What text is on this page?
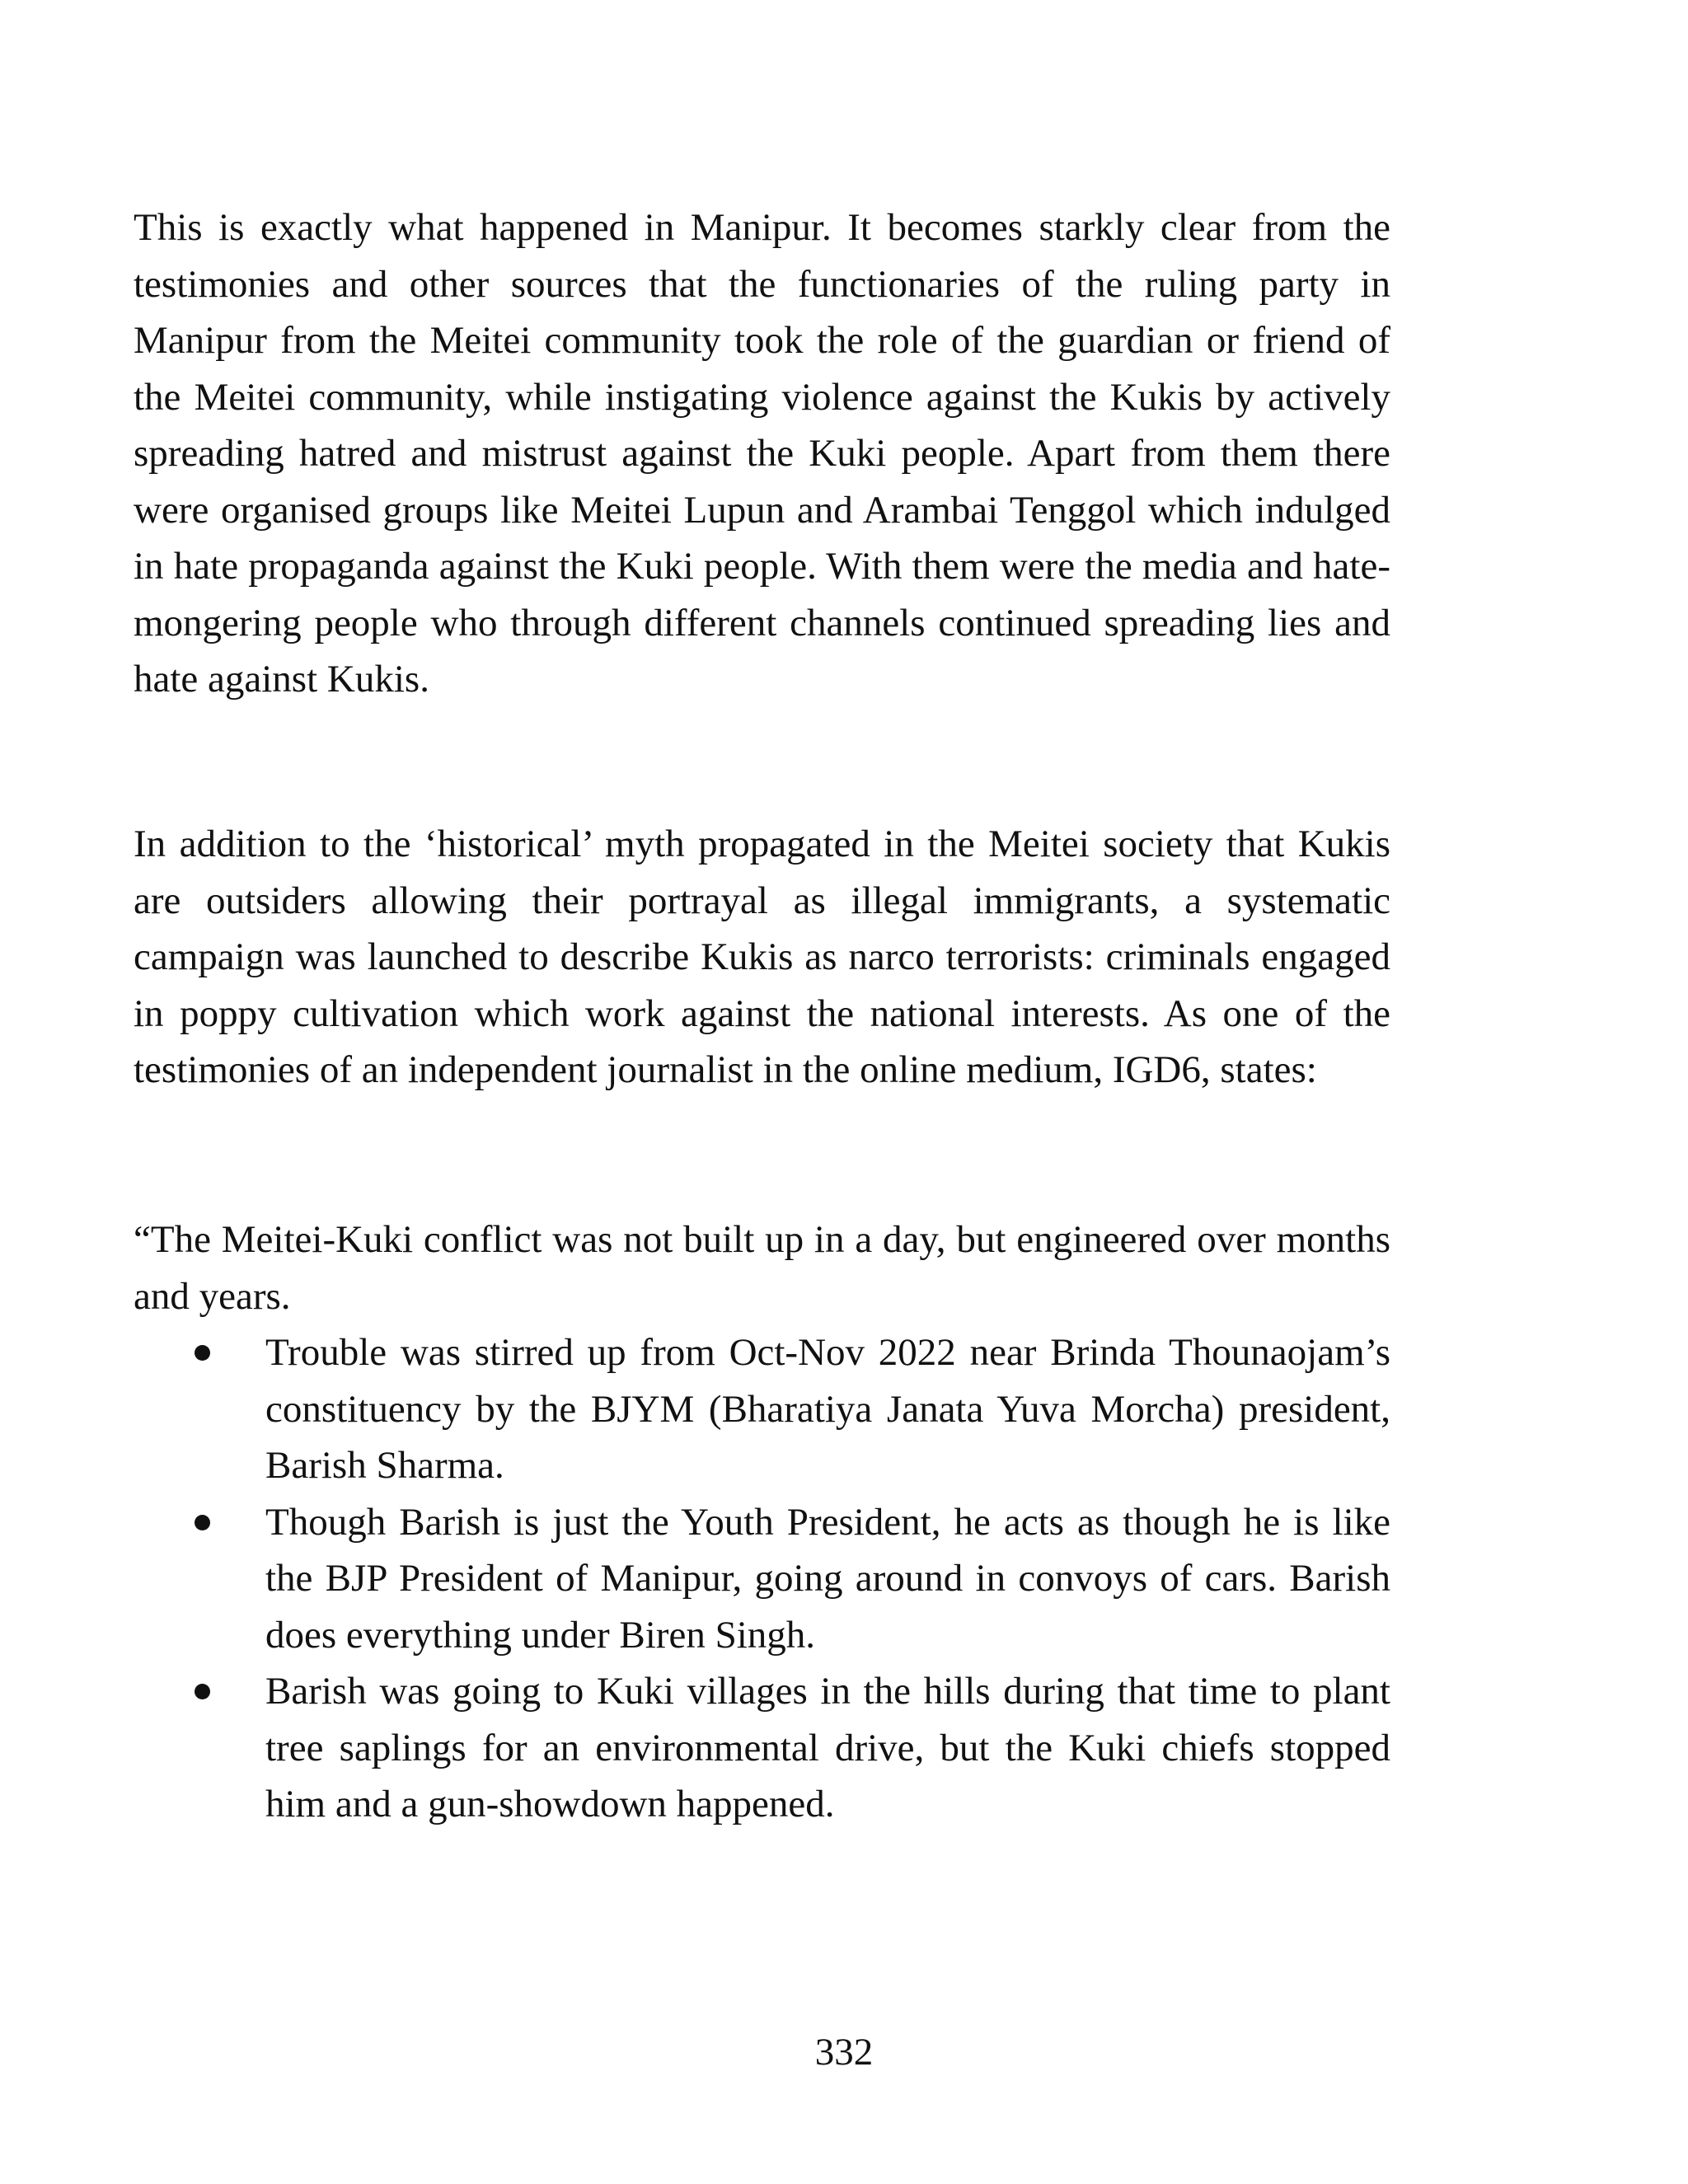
This is exactly what happened in Manipur. It becomes starkly clear from the testimonies and other sources that the functionaries of the ruling party in Manipur from the Meitei community took the role of the guardian or friend of the Meitei community, while instigating violence against the Kukis by actively spreading hatred and mistrust against the Kuki people. Apart from them there were organised groups like Meitei Lupun and Arambai Tenggol which indulged in hate propaganda against the Kuki people. With them were the media and hate-mongering people who through different channels continued spreading lies and hate against Kukis.

In addition to the ‘historical’ myth propagated in the Meitei society that Kukis are outsiders allowing their portrayal as illegal immigrants, a systematic campaign was launched to describe Kukis as narco terrorists: criminals engaged in poppy cultivation which work against the national interests. As one of the testimonies of an independent journalist in the online medium, IGD6, states:

“The Meitei-Kuki conflict was not built up in a day, but engineered over months and years.

Trouble was stirred up from Oct-Nov 2022 near Brinda Thounaojam’s constituency by the BJYM (Bharatiya Janata Yuva Morcha) president, Barish Sharma.
Though Barish is just the Youth President, he acts as though he is like the BJP President of Manipur, going around in convoys of cars. Barish does everything under Biren Singh.
Barish was going to Kuki villages in the hills during that time to plant tree saplings for an environmental drive, but the Kuki chiefs stopped him and a gun-showdown happened.
332
